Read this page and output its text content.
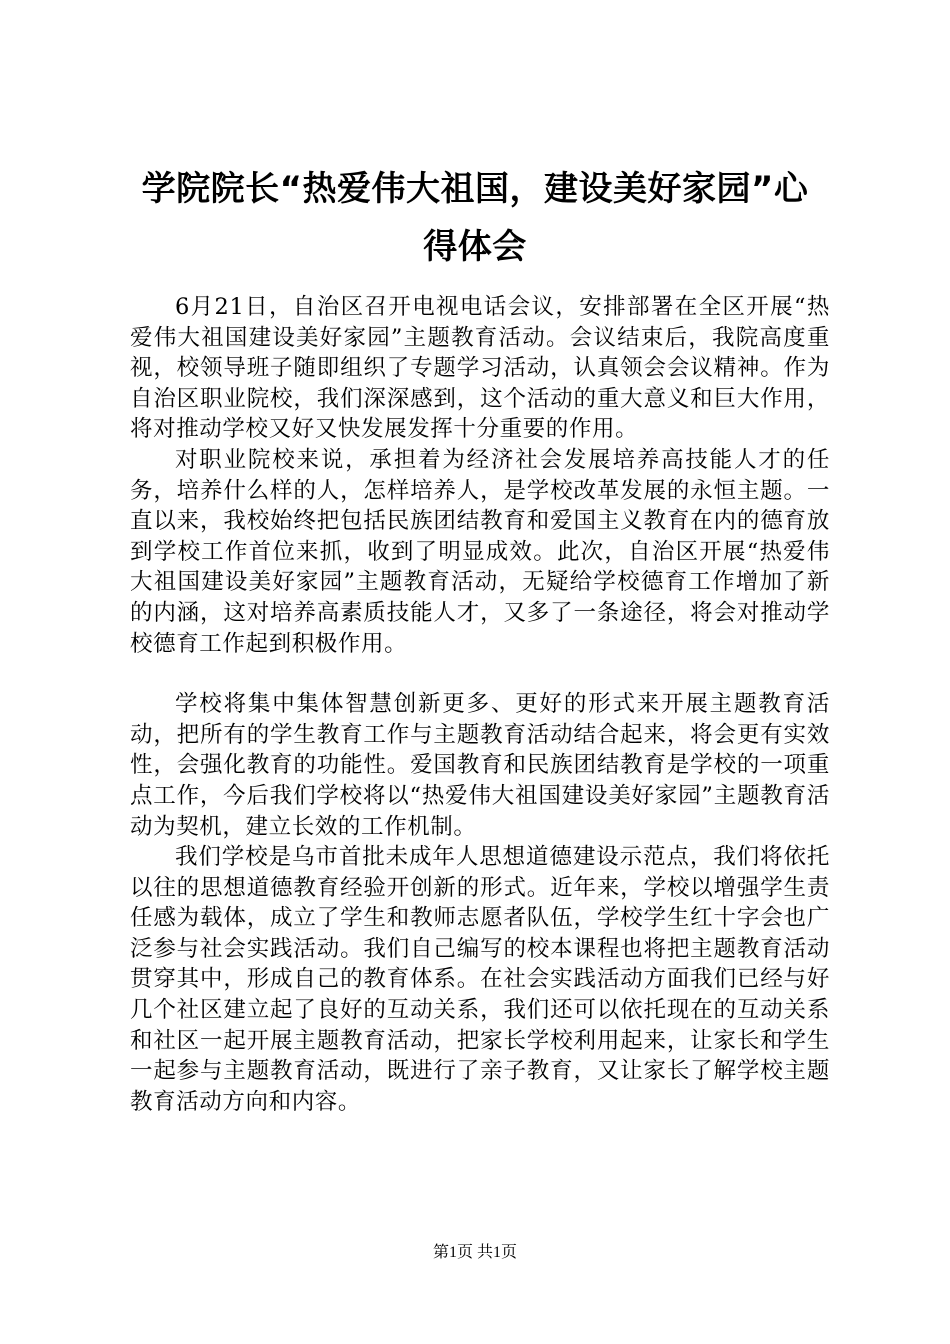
学院院长“热爱伟大祖国，建设美好家园”心
得体会

6月21日，自治区召开电视电话会议，安排部署在全区开展“热爱伟大祖国建设美好家园”主题教育活动。会议结束后，我院高度重视，校领导班子随即组织了专题学习活动，认真领会会议精神。作为自治区职业院校，我们深深感到，这个活动的重大意义和巨大作用，将对推动学校又好又快发展发挥十分重要的作用。

对职业院校来说，承担着为经济社会发展培养高技能人才的任务，培养什么样的人，怎样培养人，是学校改革发展的永恒主题。一直以来，我校始终把包括民族团结教育和爱国主义教育在内的德育放到学校工作首位来抓，收到了明显成效。此次，自治区开展“热爱伟大祖国建设美好家园”主题教育活动，无疑给学校德育工作增加了新的内涵，这对培养高素质技能人才，又多了一条途径，将会对推动学校德育工作起到积极作用。

学校将集中集体智慧创新更多、更好的形式来开展主题教育活动，把所有的学生教育工作与主题教育活动结合起来，将会更有实效性，会强化教育的功能性。爱国教育和民族团结教育是学校的一项重点工作，今后我们学校将以“热爱伟大祖国建设美好家园”主题教育活动为契机，建立长效的工作机制。

我们学校是乌市首批未成年人思想道德建设示范点，我们将依托以往的思想道德教育经验开创新的形式。近年来，学校以增强学生责任感为载体，成立了学生和教师志愿者队伍，学校学生红十字会也广泛参与社会实践活动。我们自己编写的校本课程也将把主题教育活动贯穿其中，形成自己的教育体系。在社会实践活动方面我们已经与好几个社区建立起了良好的互动关系，我们还可以依托现在的互动关系和社区一起开展主题教育活动，把家长学校利用起来，让家长和学生一起参与主题教育活动，既进行了亲子教育，又让家长了解学校主题教育活动方向和内容。

第1页 共1页
